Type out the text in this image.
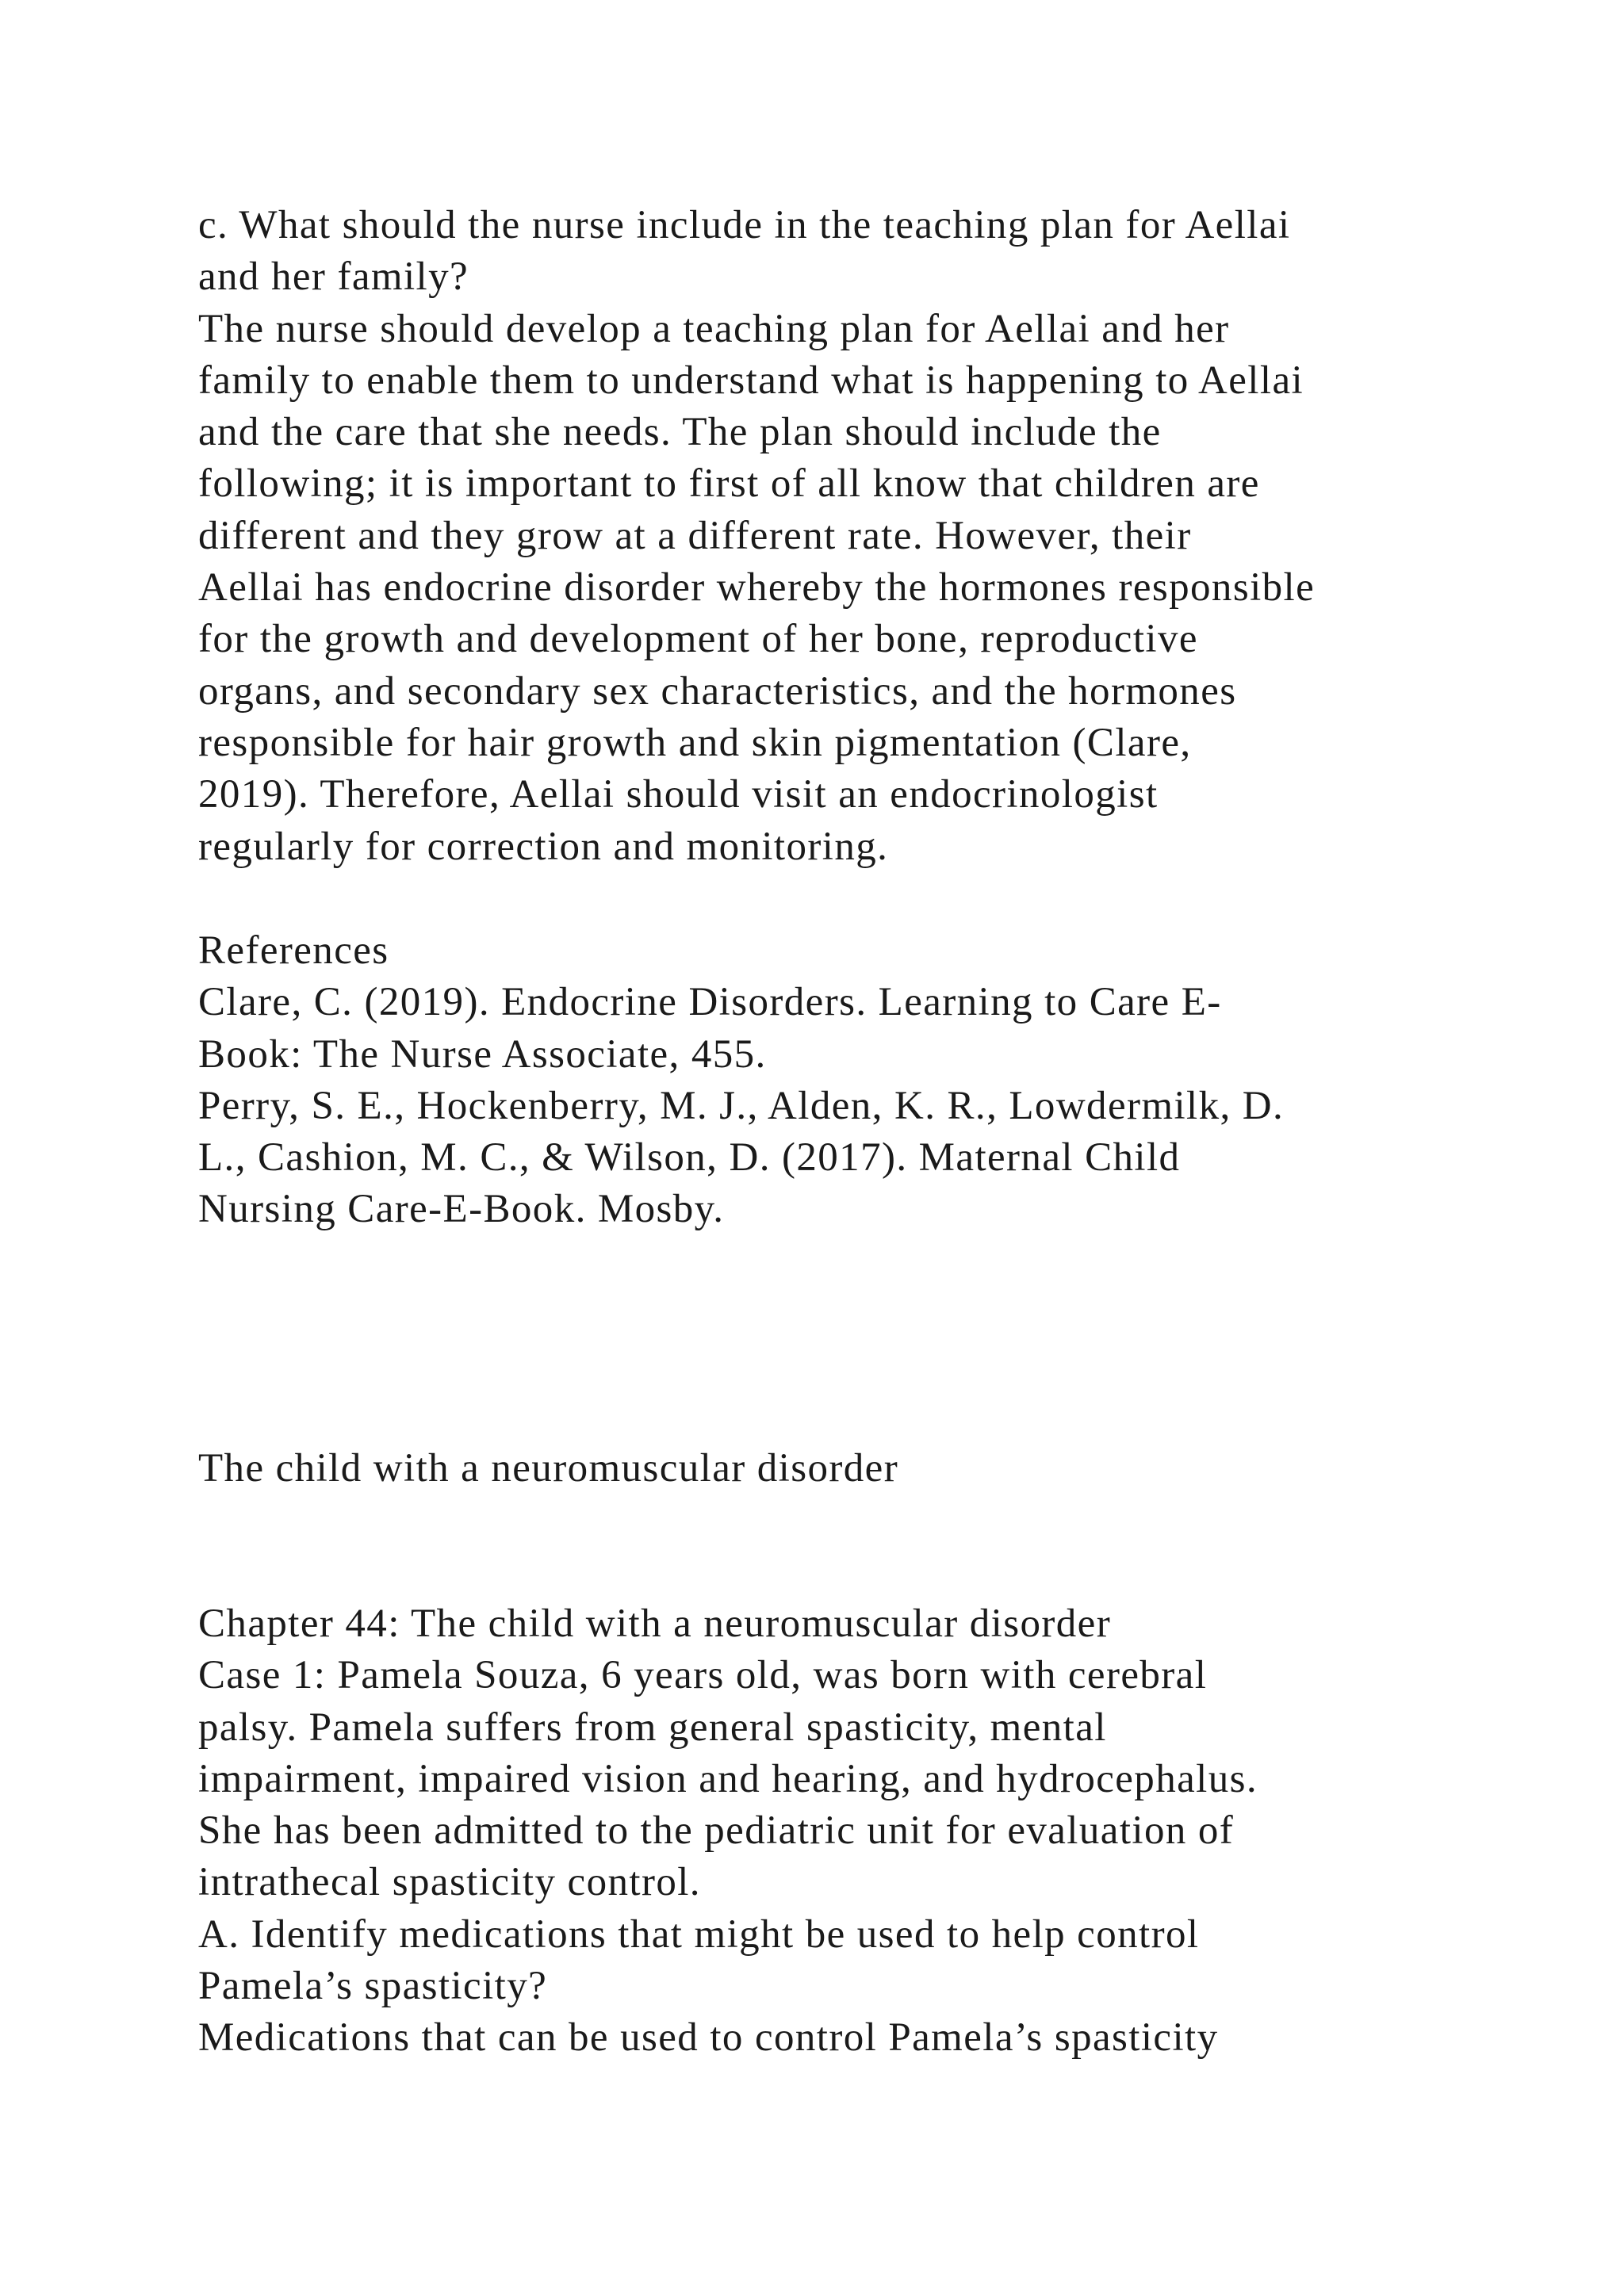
c. What should the nurse include in the teaching plan for Aellai
and her family?
The nurse should develop a teaching plan for Aellai and her
family to enable them to understand what is happening to Aellai
and the care that she needs. The plan should include the
following; it is important to first of all know that children are
different and they grow at a different rate. However, their
Aellai has endocrine disorder whereby the hormones responsible
for the growth and development of her bone, reproductive
organs, and secondary sex characteristics, and the hormones
responsible for hair growth and skin pigmentation (Clare,
2019). Therefore, Aellai should visit an endocrinologist
regularly for correction and monitoring.
References
Clare, C. (2019). Endocrine Disorders. Learning to Care E-
Book: The Nurse Associate, 455.
Perry, S. E., Hockenberry, M. J., Alden, K. R., Lowdermilk, D.
L., Cashion, M. C., & Wilson, D. (2017). Maternal Child
Nursing Care-E-Book. Mosby.
The child with a neuromuscular disorder
Chapter 44: The child with a neuromuscular disorder
Case 1: Pamela Souza, 6 years old, was born with cerebral
palsy. Pamela suffers from general spasticity, mental
impairment, impaired vision and hearing, and hydrocephalus.
She has been admitted to the pediatric unit for evaluation of
intrathecal spasticity control.
A. Identify medications that might be used to help control
Pamela’s spasticity?
Medications that can be used to control Pamela’s spasticity
